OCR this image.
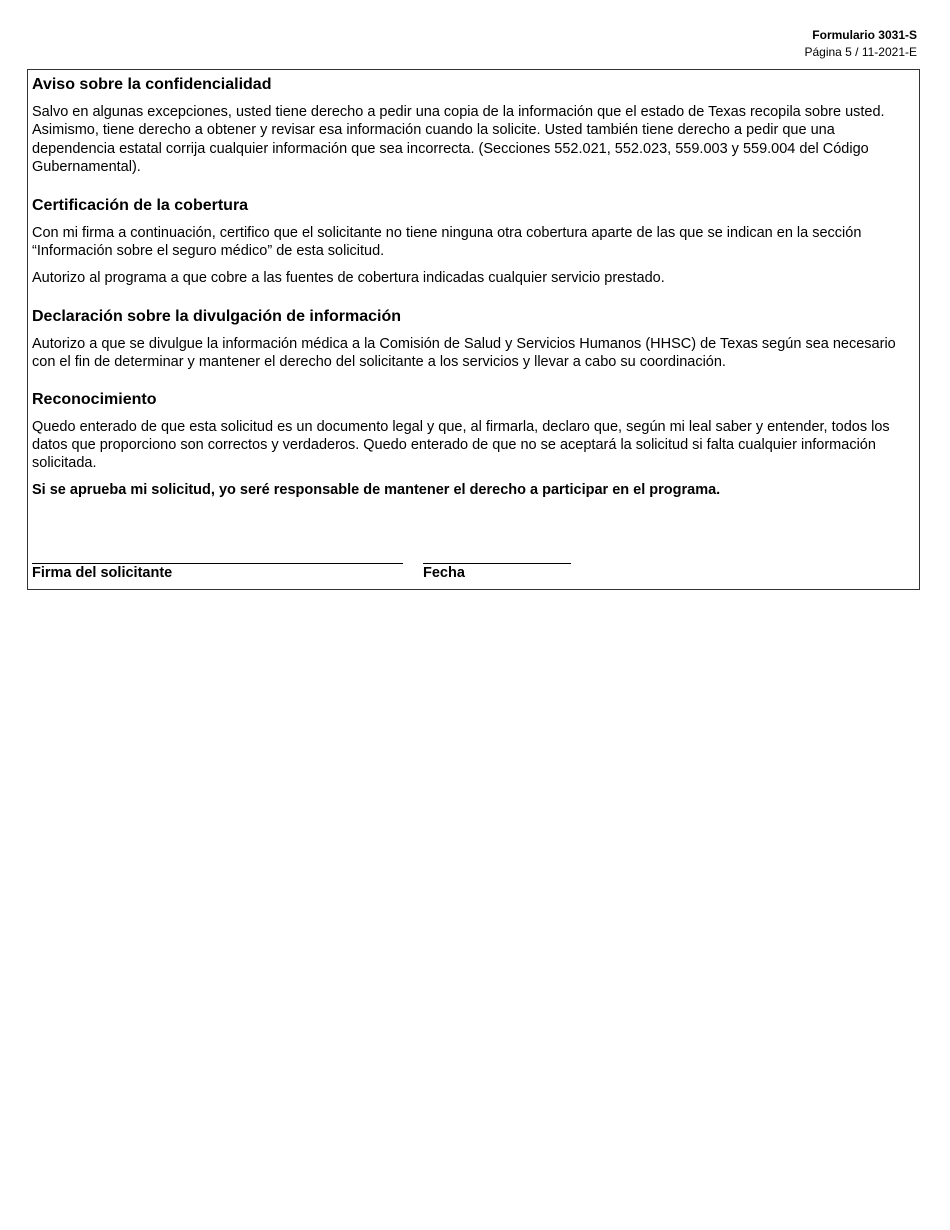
Formulario 3031-S
Página 5 / 11-2021-E
Aviso sobre la confidencialidad

Salvo en algunas excepciones, usted tiene derecho a pedir una copia de la información que el estado de Texas recopila sobre usted. Asimismo, tiene derecho a obtener y revisar esa información cuando la solicite. Usted también tiene derecho a pedir que una dependencia estatal corrija cualquier información que sea incorrecta. (Secciones 552.021, 552.023, 559.003 y 559.004 del Código Gubernamental).

Certificación de la cobertura

Con mi firma a continuación, certifico que el solicitante no tiene ninguna otra cobertura aparte de las que se indican en la sección “Información sobre el seguro médico” de esta solicitud.

Autorizo al programa a que cobre a las fuentes de cobertura indicadas cualquier servicio prestado.

Declaración sobre la divulgación de información

Autorizo a que se divulgue la información médica a la Comisión de Salud y Servicios Humanos (HHSC) de Texas según sea necesario con el fin de determinar y mantener el derecho del solicitante a los servicios y llevar a cabo su coordinación.

Reconocimiento

Quedo enterado de que esta solicitud es un documento legal y que, al firmarla, declaro que, según mi leal saber y entender, todos los datos que proporciono son correctos y verdaderos. Quedo enterado de que no se aceptará la solicitud si falta cualquier información solicitada.

Si se aprueba mi solicitud, yo seré responsable de mantener el derecho a participar en el programa.

Firma del solicitante	Fecha
